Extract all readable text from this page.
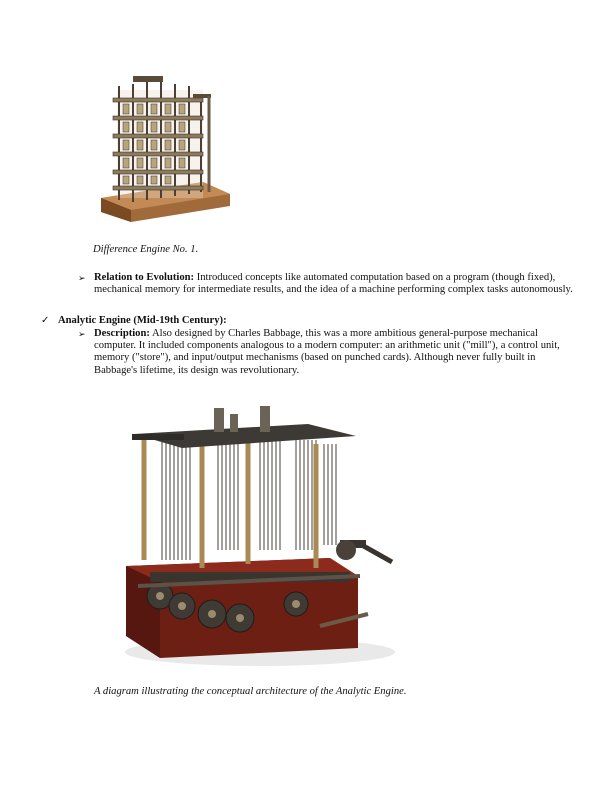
Difference Engine No. 1.
➢ Relation to Evolution: Introduced concepts like automated computation based on a program (though fixed), mechanical memory for intermediate results, and the idea of a machine performing complex tasks autonomously.
✓ Analytic Engine (Mid-19th Century):
➢ Description: Also designed by Charles Babbage, this was a more ambitious general-purpose mechanical computer. It included components analogous to a modern computer: an arithmetic unit ("mill"), a control unit, memory ("store"), and input/output mechanisms (based on punched cards). Although never fully built in Babbage's lifetime, its design was revolutionary.
A diagram illustrating the conceptual architecture of the Analytic Engine.
